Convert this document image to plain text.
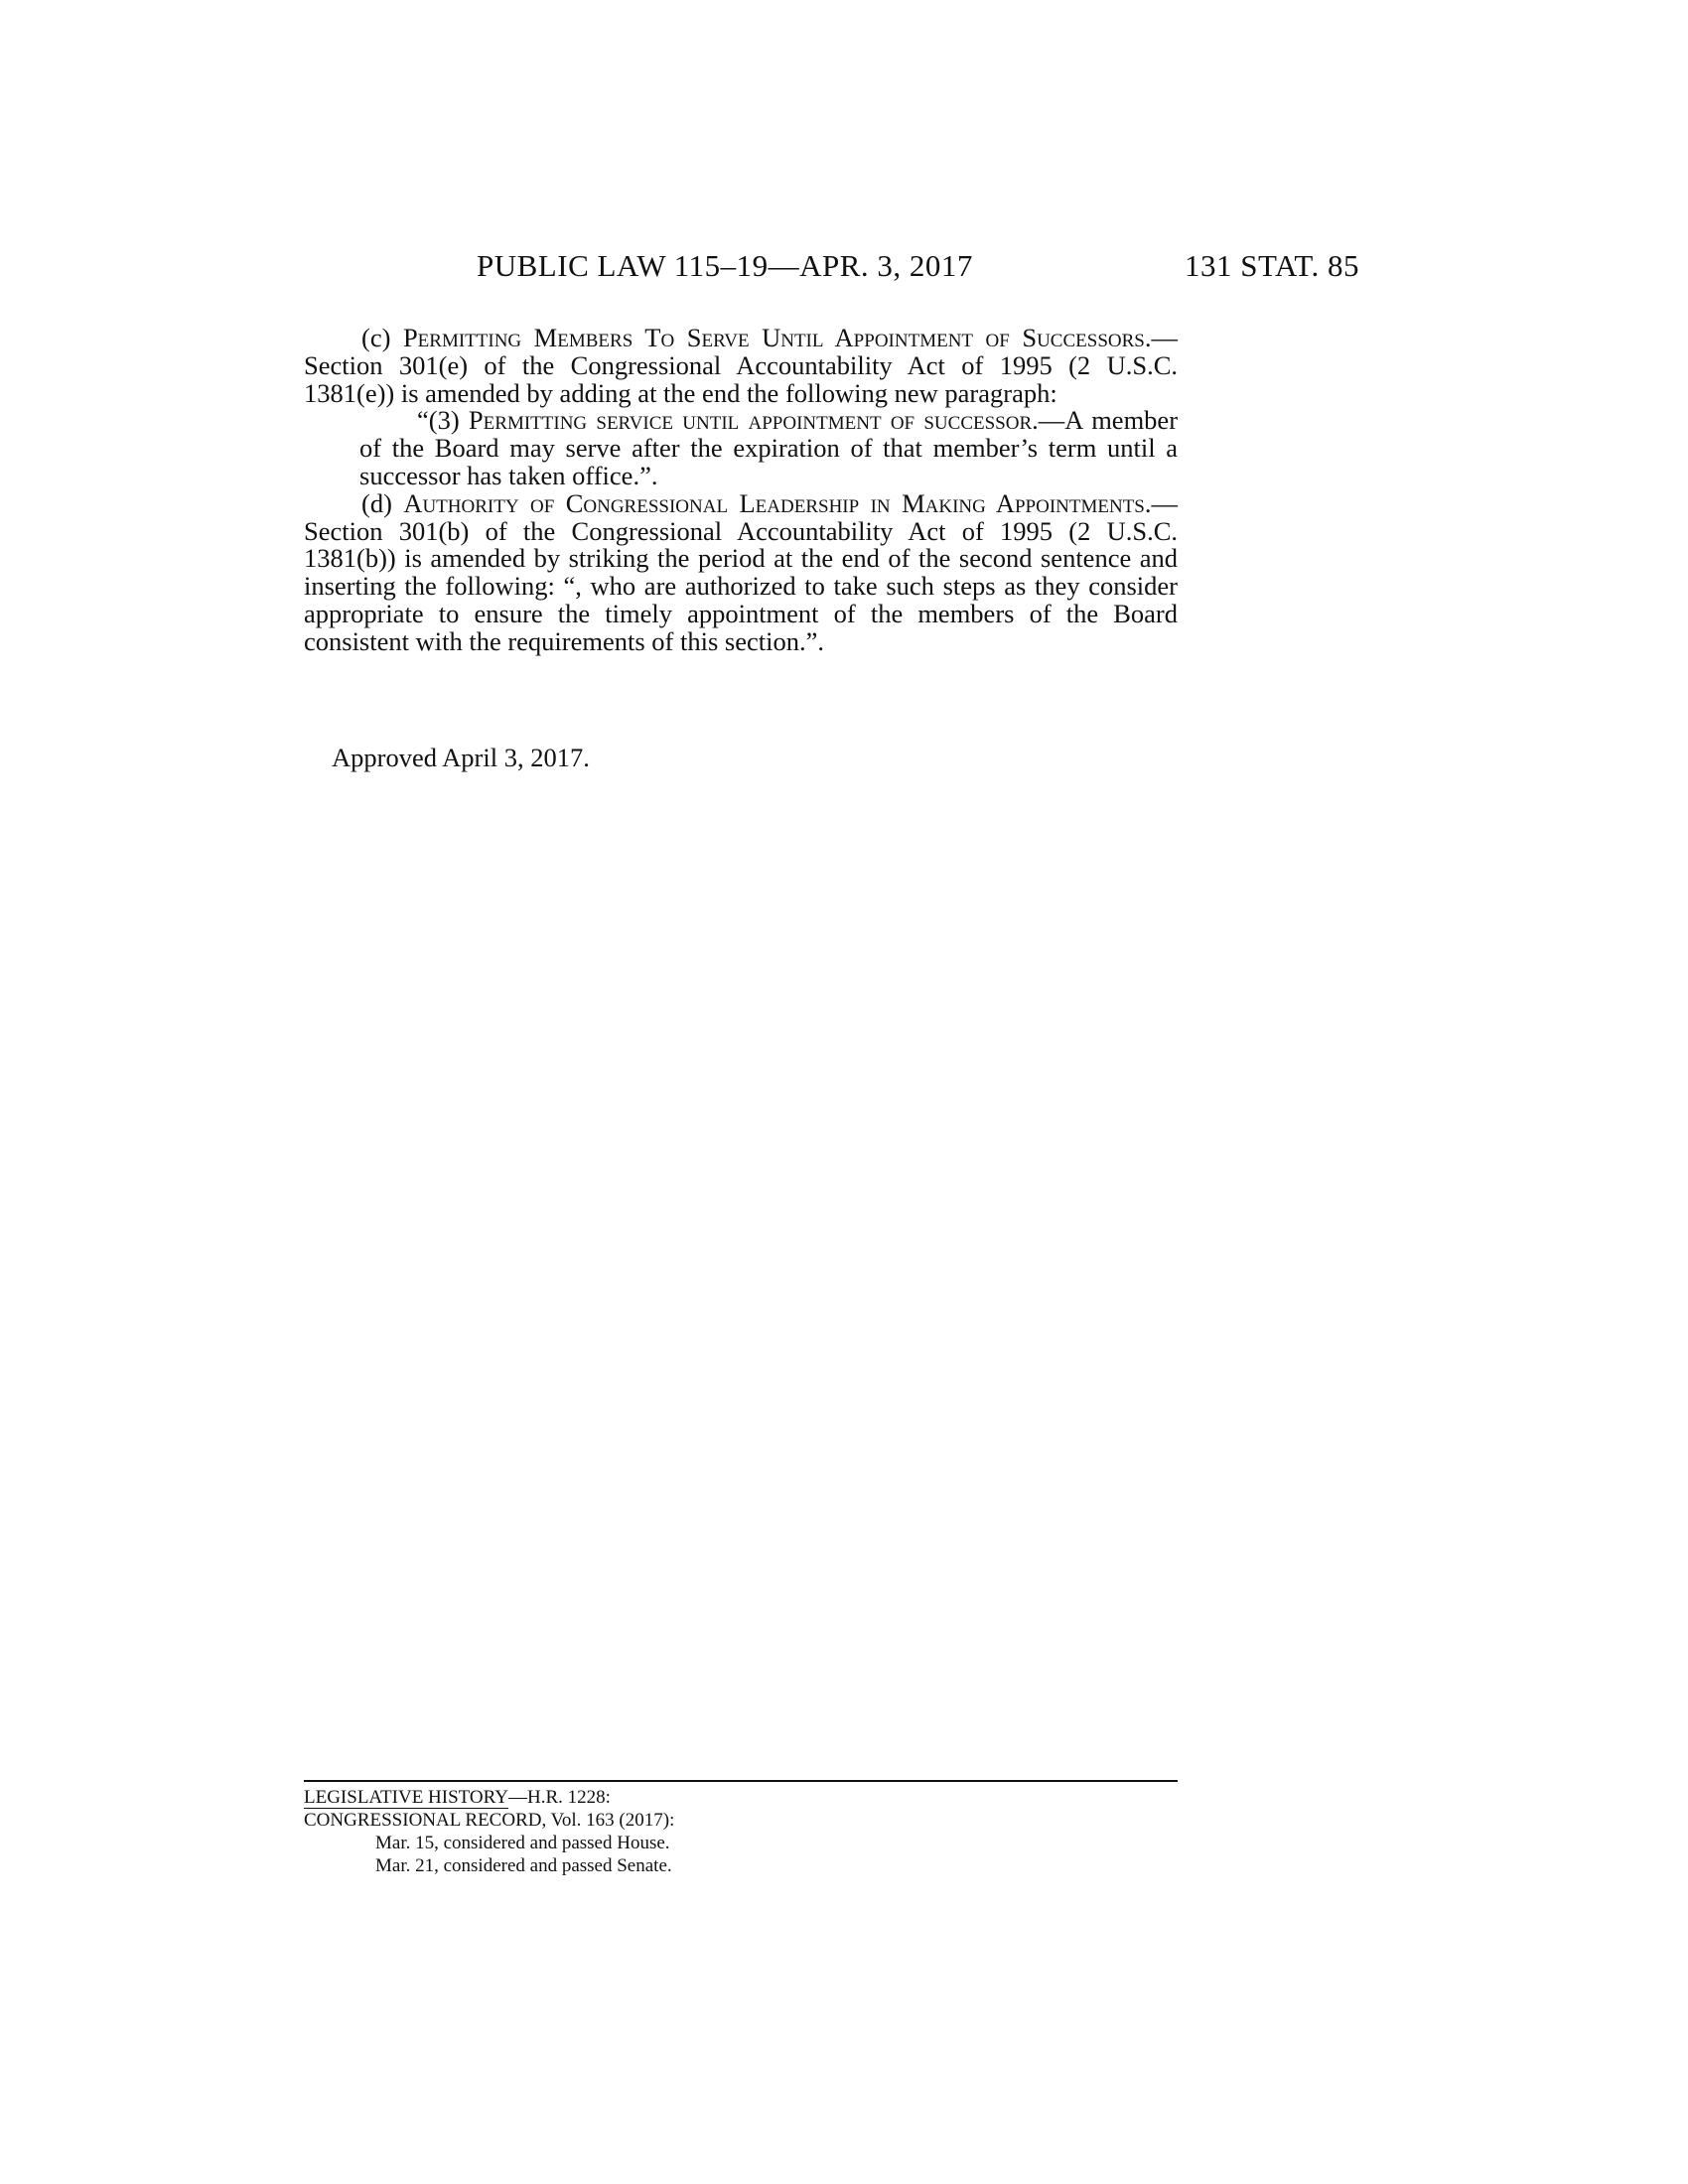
PUBLIC LAW 115–19—APR. 3, 2017	131 STAT. 85

(c) Permitting Members To Serve Until Appointment of Successors.—Section 301(e) of the Congressional Accountability Act of 1995 (2 U.S.C. 1381(e)) is amended by adding at the end the following new paragraph:

“(3) Permitting service until appointment of successor.—A member of the Board may serve after the expiration of that member’s term until a successor has taken office.”.

(d) Authority of Congressional Leadership in Making Appointments.—Section 301(b) of the Congressional Accountability Act of 1995 (2 U.S.C. 1381(b)) is amended by striking the period at the end of the second sentence and inserting the following: “, who are authorized to take such steps as they consider appropriate to ensure the timely appointment of the members of the Board consistent with the requirements of this section.”.

Approved April 3, 2017.

LEGISLATIVE HISTORY—H.R. 1228:

CONGRESSIONAL RECORD, Vol. 163 (2017):

Mar. 15, considered and passed House.

Mar. 21, considered and passed Senate.
